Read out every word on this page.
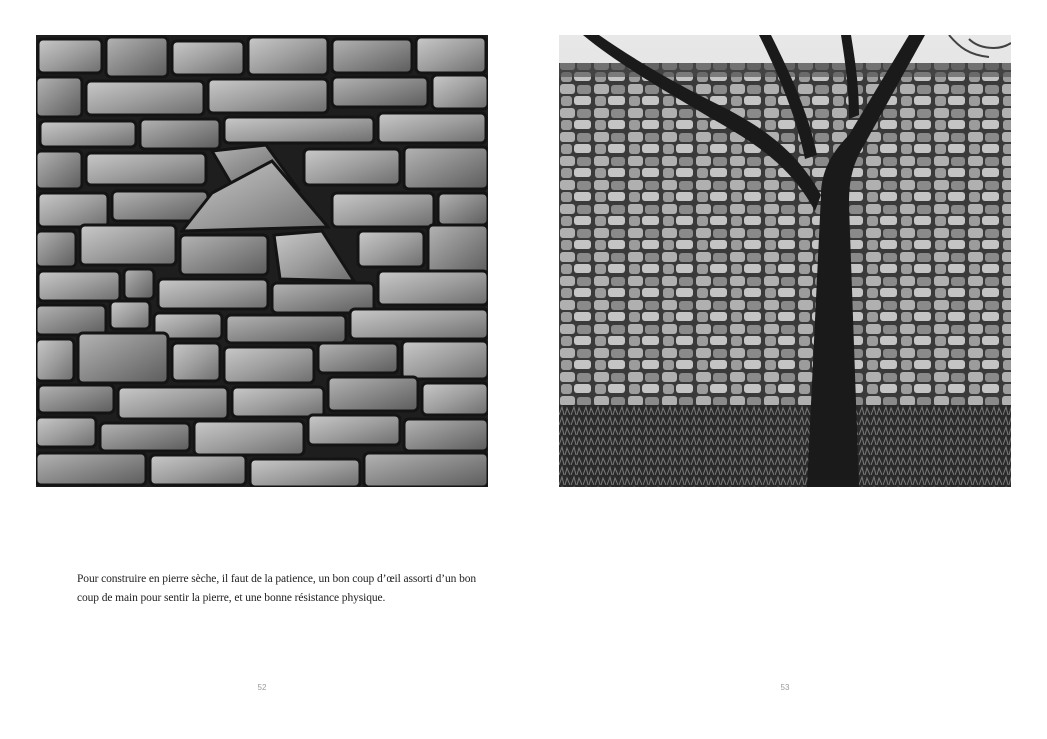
Pour construire en pierre sèche, il faut de la patience, un bon coup d’œil assorti d’un bon coup de main pour sentir la pierre, et une bonne résistance physique.

52	53
